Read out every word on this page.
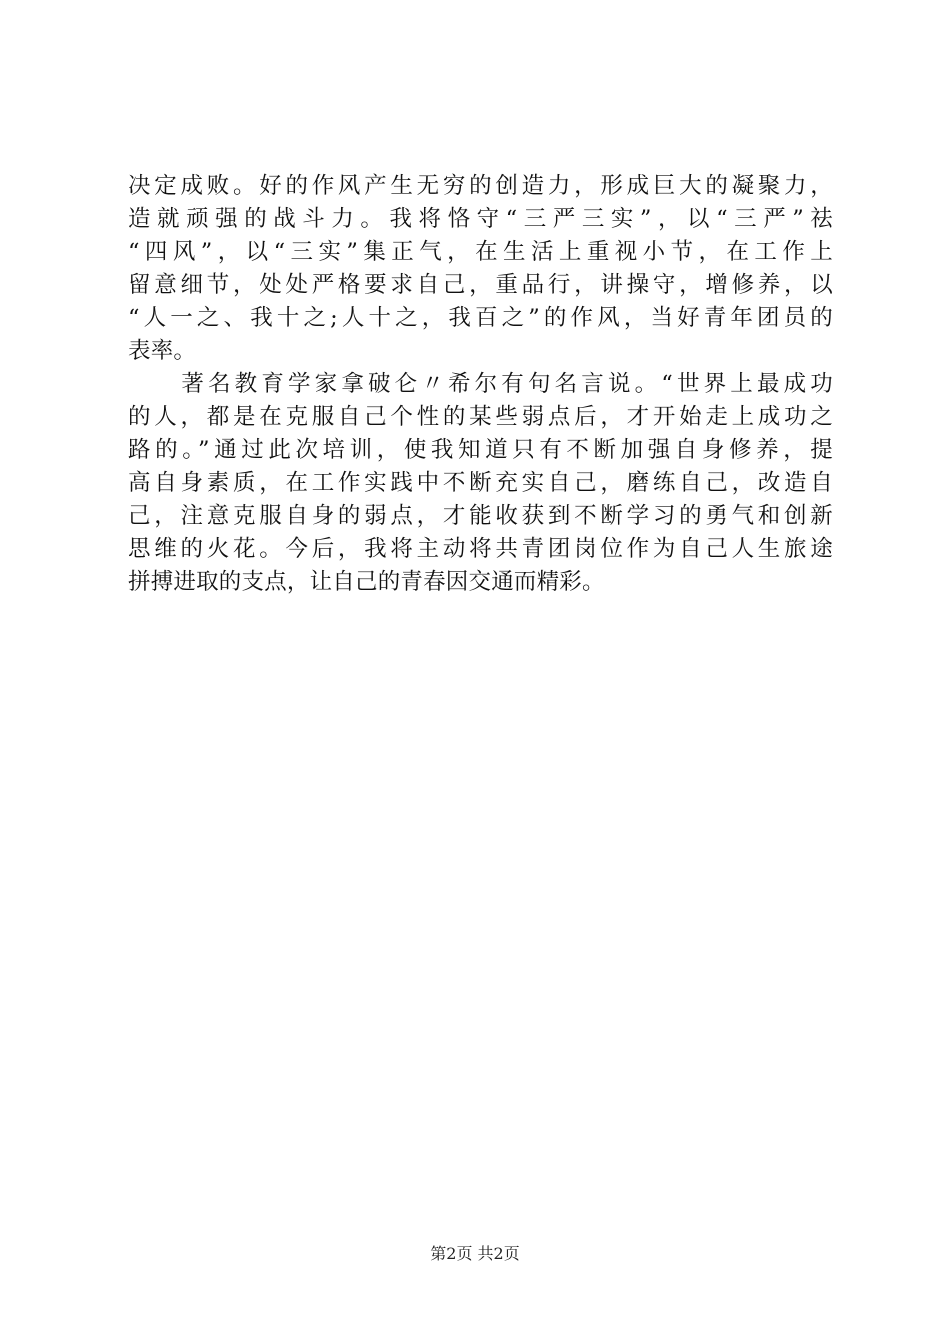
决定成败。好的作风产生无穷的创造力，形成巨大的凝聚力，
造就顽强的战斗力。我将恪守“三严三实”，以“三严”祛
“四风”，以“三实”集正气，在生活上重视小节，在工作上
留意细节，处处严格要求自己，重品行，讲操守，增修养，以
“人一之、我十之;人十之，我百之”的作风，当好青年团员的
表率。
　　著名教育学家拿破仑〃希尔有句名言说。“世界上最成功
的人，都是在克服自己个性的某些弱点后，才开始走上成功之
路的。”通过此次培训，使我知道只有不断加强自身修养，提
高自身素质，在工作实践中不断充实自己，磨练自己，改造自
己，注意克服自身的弱点，才能收获到不断学习的勇气和创新
思维的火花。今后，我将主动将共青团岗位作为自己人生旅途
拼搏进取的支点，让自己的青春因交通而精彩。
第2页 共2页
